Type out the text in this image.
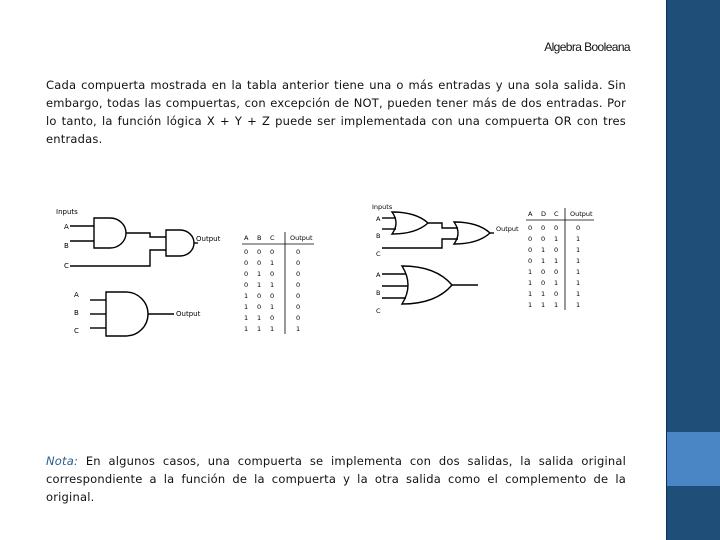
Algebra Booleana

Cada compuerta mostrada en la tabla anterior tiene una o más entradas y una sola salida. Sin embargo, todas las compuertas, con excepción de NOT, pueden tener más de dos entradas. Por lo tanto, la función lógica X + Y + Z puede ser implementada con una compuerta OR con tres entradas.

Inputs
A
B
C
Output
A
B
C
Output
A B C Output
0 0 0	0
0 0 1	0
0 1 0	0
0 1 1	0
1 0 0	0
1 0 1	0
1 1 0	0
1 1 1	1
Inputs
A
B
C
Output
A
B
C
A D C Output
0 0 0	0
0 0 1	1
0 1 0	1
0 1 1	1
1 0 0	1
1 0 1	1
1 1 0	1
1 1 1	1

Nota: En algunos casos, una compuerta se implementa con dos salidas, la salida original correspondiente a la función de la compuerta y la otra salida como el complemento de la original.
